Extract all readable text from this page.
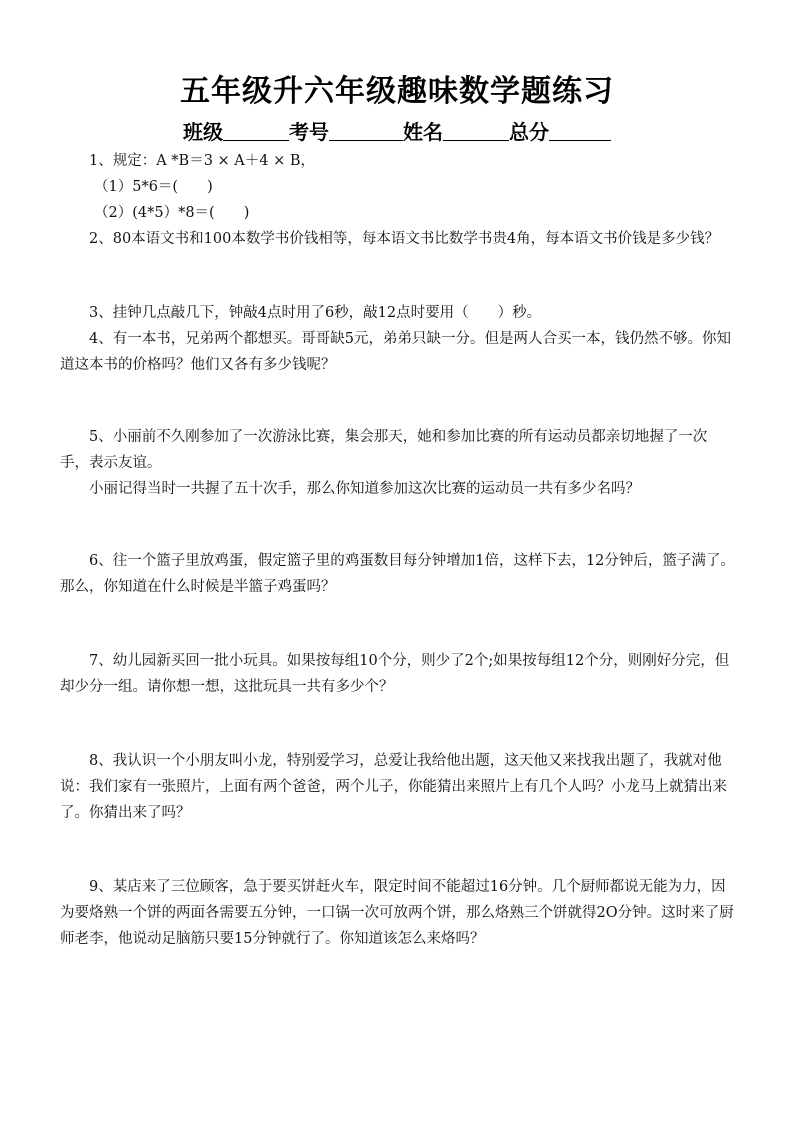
五年级升六年级趣味数学题练习
班级	考号	姓名	总分

1、规定：A *B＝3 × A＋4 × B，

（1）5*6＝(　　)

（2）(4*5）*8＝(　　)

2、80本语文书和100本数学书价钱相等，每本语文书比数学书贵4角，每本语文书价钱是多少钱？

3、挂钟几点敲几下，钟敲4点时用了6秒，敲12点时要用（　　）秒。

4、有一本书，兄弟两个都想买。哥哥缺5元，弟弟只缺一分。但是两人合买一本，钱仍然不够。你知道这本书的价格吗？他们又各有多少钱呢？

5、小丽前不久刚参加了一次游泳比赛，集会那天，她和参加比赛的所有运动员都亲切地握了一次手，表示友谊。

小丽记得当时一共握了五十次手，那么你知道参加这次比赛的运动员一共有多少名吗？

6、往一个篮子里放鸡蛋，假定篮子里的鸡蛋数目每分钟增加1倍，这样下去，12分钟后，篮子满了。那么，你知道在什么时候是半篮子鸡蛋吗？

7、幼儿园新买回一批小玩具。如果按每组10个分，则少了2个;如果按每组12个分，则刚好分完，但却少分一组。请你想一想，这批玩具一共有多少个？

8、我认识一个小朋友叫小龙，特别爱学习，总爱让我给他出题，这天他又来找我出题了，我就对他说：我们家有一张照片，上面有两个爸爸，两个儿子，你能猜出来照片上有几个人吗？小龙马上就猜出来了。你猜出来了吗？

9、某店来了三位顾客，急于要买饼赶火车，限定时间不能超过16分钟。几个厨师都说无能为力，因为要烙熟一个饼的两面各需要五分钟，一口锅一次可放两个饼，那么烙熟三个饼就得2O分钟。这时来了厨师老李，他说动足脑筋只要15分钟就行了。你知道该怎么来烙吗？
